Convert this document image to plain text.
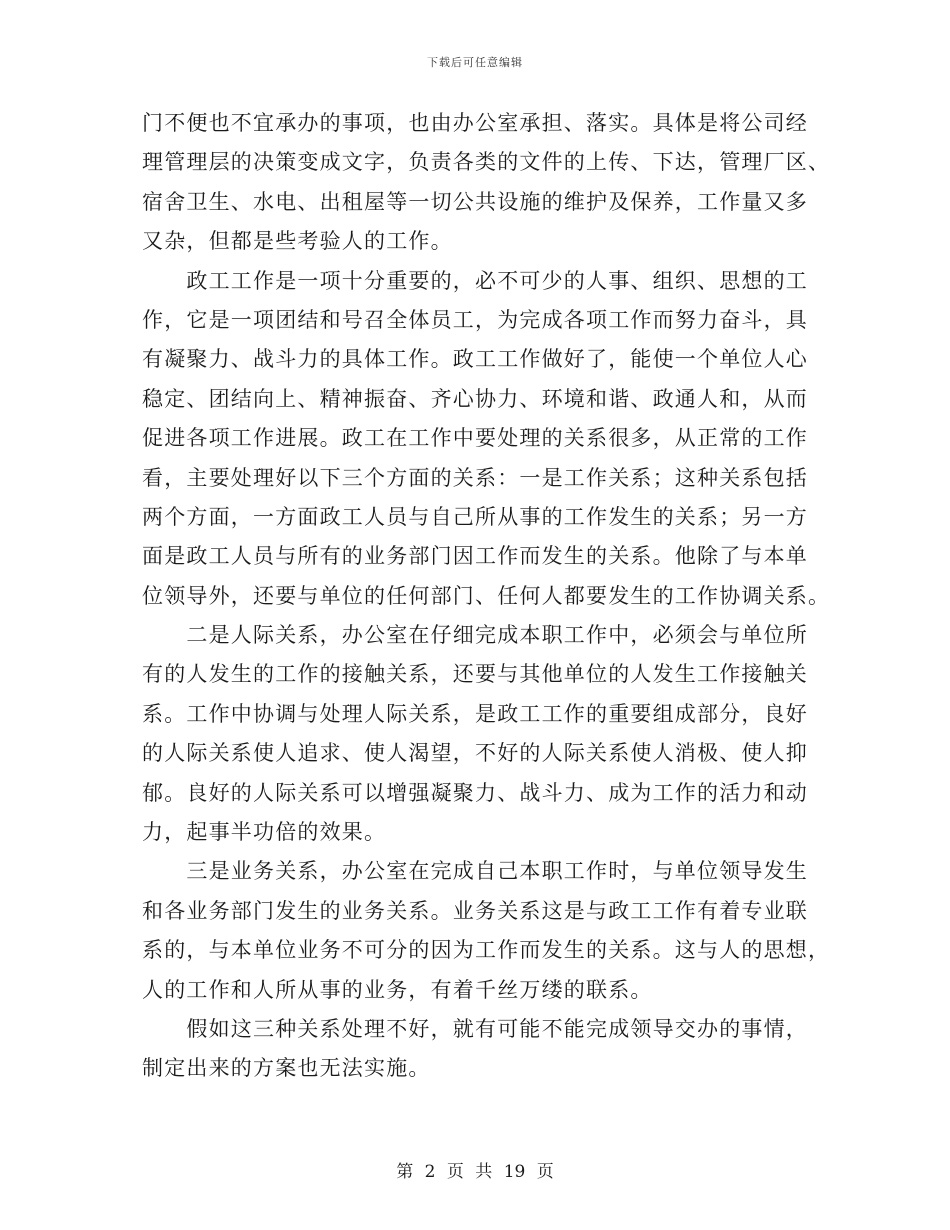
下载后可任意编辑
门不便也不宜承办的事项，也由办公室承担、落实。具体是将公司经
理管理层的决策变成文字，负责各类的文件的上传、下达，管理厂区、
宿舍卫生、水电、出租屋等一切公共设施的维护及保养，工作量又多
又杂，但都是些考验人的工作。
　　政工工作是一项十分重要的，必不可少的人事、组织、思想的工
作，它是一项团结和号召全体员工，为完成各项工作而努力奋斗，具
有凝聚力、战斗力的具体工作。政工工作做好了，能使一个单位人心
稳定、团结向上、精神振奋、齐心协力、环境和谐、政通人和，从而
促进各项工作进展。政工在工作中要处理的关系很多，从正常的工作
看，主要处理好以下三个方面的关系：一是工作关系；这种关系包括
两个方面，一方面政工人员与自己所从事的工作发生的关系；另一方
面是政工人员与所有的业务部门因工作而发生的关系。他除了与本单
位领导外，还要与单位的任何部门、任何人都要发生的工作协调关系。
　　二是人际关系，办公室在仔细完成本职工作中，必须会与单位所
有的人发生的工作的接触关系，还要与其他单位的人发生工作接触关
系。工作中协调与处理人际关系，是政工工作的重要组成部分，良好
的人际关系使人追求、使人渴望，不好的人际关系使人消极、使人抑
郁。良好的人际关系可以增强凝聚力、战斗力、成为工作的活力和动
力，起事半功倍的效果。
　　三是业务关系，办公室在完成自己本职工作时，与单位领导发生
和各业务部门发生的业务关系。业务关系这是与政工工作有着专业联
系的，与本单位业务不可分的因为工作而发生的关系。这与人的思想，
人的工作和人所从事的业务，有着千丝万缕的联系。
　　假如这三种关系处理不好，就有可能不能完成领导交办的事情，
制定出来的方案也无法实施。
第 2 页 共 19 页
